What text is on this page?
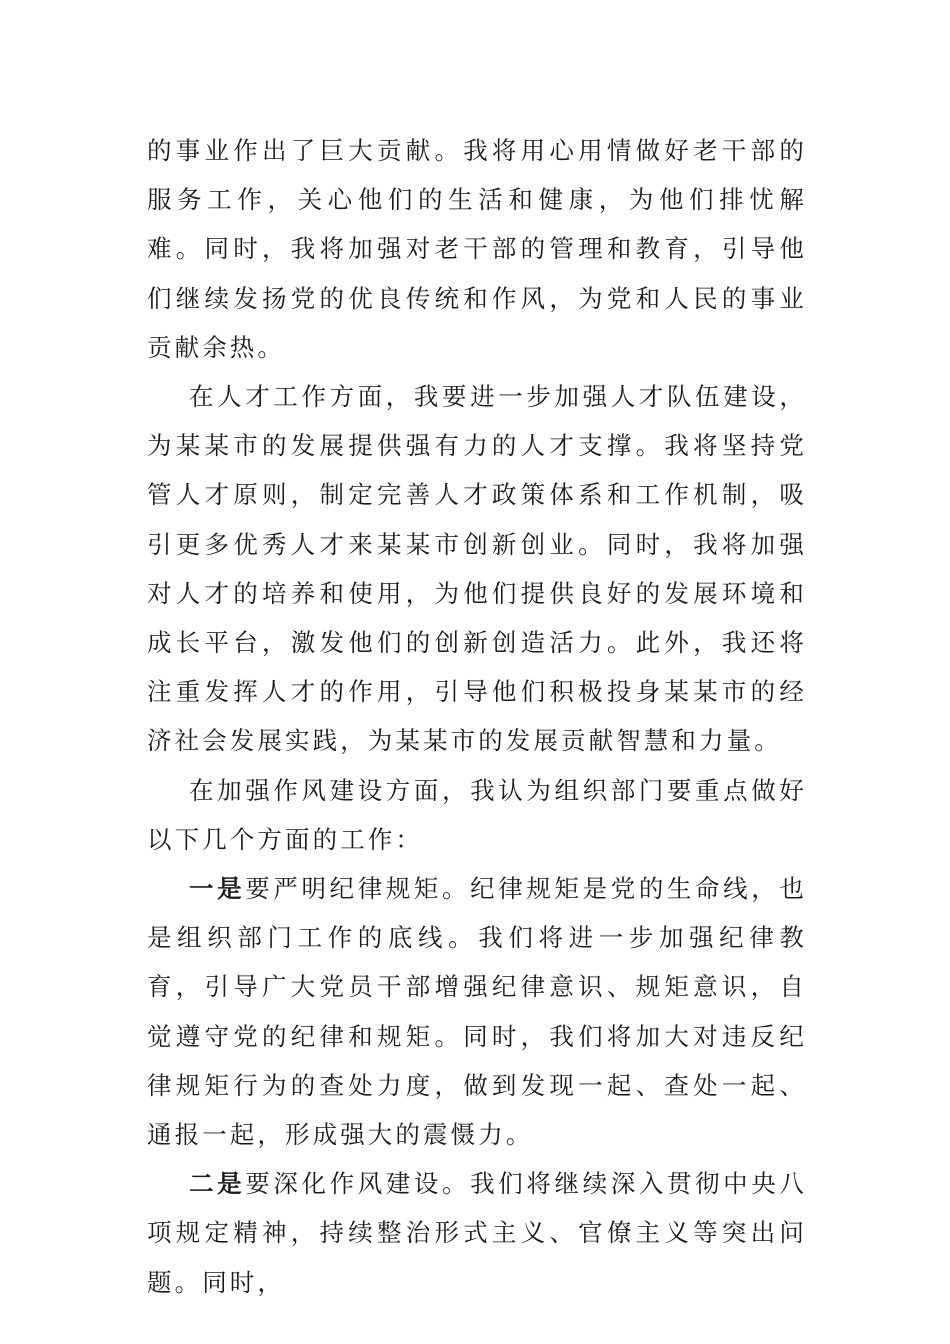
的事业作出了巨大贡献。我将用心用情做好老干部的服务工作，关心他们的生活和健康，为他们排忧解难。同时，我将加强对老干部的管理和教育，引导他们继续发扬党的优良传统和作风，为党和人民的事业贡献余热。

在人才工作方面，我要进一步加强人才队伍建设，为某某市的发展提供强有力的人才支撑。我将坚持党管人才原则，制定完善人才政策体系和工作机制，吸引更多优秀人才来某某市创新创业。同时，我将加强对人才的培养和使用，为他们提供良好的发展环境和成长平台，激发他们的创新创造活力。此外，我还将注重发挥人才的作用，引导他们积极投身某某市的经济社会发展实践，为某某市的发展贡献智慧和力量。

在加强作风建设方面，我认为组织部门要重点做好以下几个方面的工作：

一是要严明纪律规矩。纪律规矩是党的生命线，也是组织部门工作的底线。我们将进一步加强纪律教育，引导广大党员干部增强纪律意识、规矩意识，自觉遵守党的纪律和规矩。同时，我们将加大对违反纪律规矩行为的查处力度，做到发现一起、查处一起、通报一起，形成强大的震慑力。

二是要深化作风建设。我们将继续深入贯彻中央八项规定精神，持续整治形式主义、官僚主义等突出问题。同时，
